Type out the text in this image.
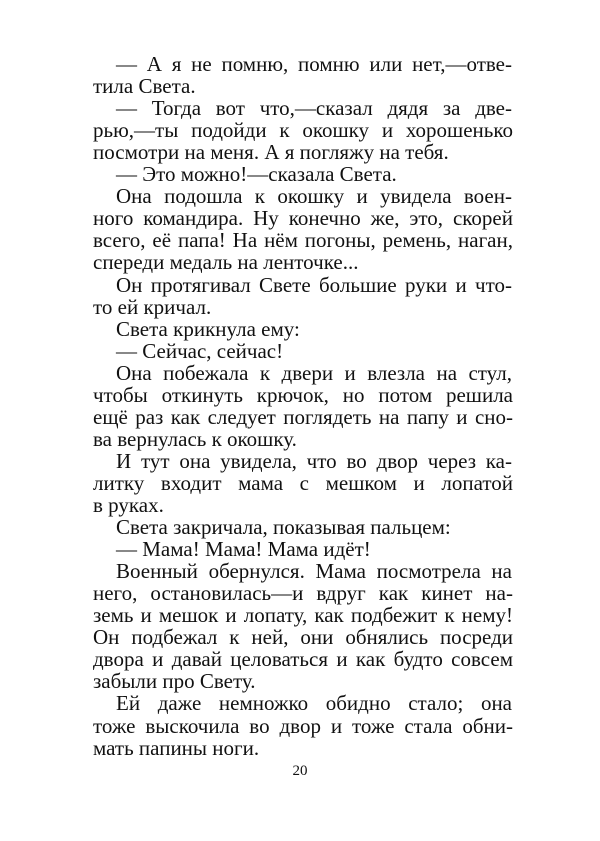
— А я не помню, помню или нет,—отве-
тила Света.
— Тогда вот что,—сказал дядя за две-
рью,—ты подойди к окошку и хорошенько
посмотри на меня. А я погляжу на тебя.
— Это можно!—сказала Света.
Она подошла к окошку и увидела воен-
ного командира. Ну конечно же, это, скорей
всего, её папа! На нём погоны, ремень, наган,
спереди медаль на ленточке...
Он протягивал Свете большие руки и что-
то ей кричал.
Света крикнула ему:
— Сейчас, сейчас!
Она побежала к двери и влезла на стул,
чтобы откинуть крючок, но потом решила
ещё раз как следует поглядеть на папу и сно-
ва вернулась к окошку.
И тут она увидела, что во двор через ка-
литку входит мама с мешком и лопатой
в руках.
Света закричала, показывая пальцем:
— Мама! Мама! Мама идёт!
Военный обернулся. Мама посмотрела на
него, остановилась—и вдруг как кинет на-
земь и мешок и лопату, как подбежит к нему!
Он подбежал к ней, они обнялись посреди
двора и давай целоваться и как будто совсем
забыли про Свету.
Ей даже немножко обидно стало; она
тоже выскочила во двор и тоже стала обни-
мать папины ноги.
20
